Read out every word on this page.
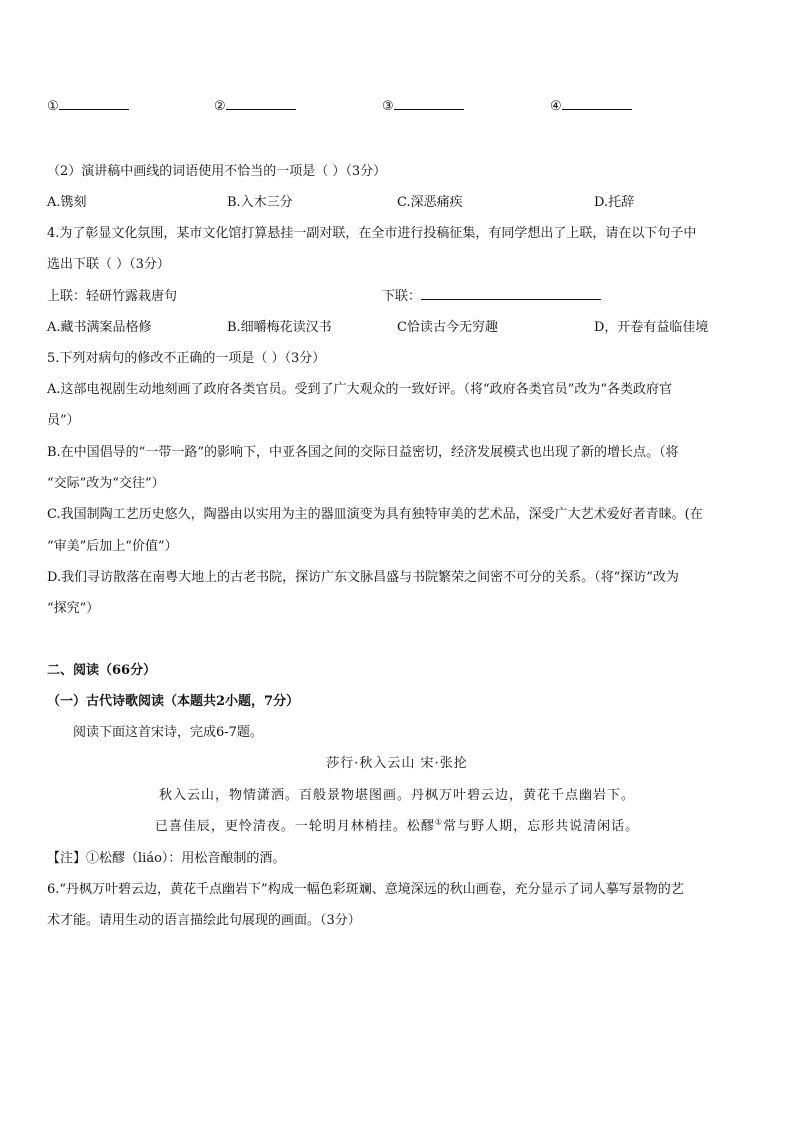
①	②	③	④
（2）演讲稿中画线的词语使用不恰当的一项是（ ）（3分）
A.镌刻	B.入木三分	C.深恶痛疾	D.托辞
4.为了彰显文化氛围，某市文化馆打算悬挂一副对联，在全市进行投稿征集，有同学想出了上联，请在以下句子中
选出下联（ ）（3分）
上联：轻研竹露栽唐句	下联：
A.藏书满案品格修	B.细嚼梅花读汉书	C恰读古今无穷趣	D，开卷有益临佳境
5.下列对病句的修改不正确的一项是（ ）（3分）
A.这部电视剧生动地刻画了政府各类官员。受到了广大观众的一致好评。（将“政府各类官员”改为“各类政府官
员”）
B.在中国倡导的“一带一路”的影响下，中亚各国之间的交际日益密切，经济发展模式也出现了新的增长点。（将
“交际”改为“交往”）
C.我国制陶工艺历史悠久，陶器由以实用为主的器皿演变为具有独特审美的艺术品，深受广大艺术爱好者青睐。(在
“审美”后加上“价值”）
D.我们寻访散落在南粤大地上的古老书院，探访广东文脉昌盛与书院繁荣之间密不可分的关系。（将“探访”改为
“探究”）
二、阅读（66分）
（一）古代诗歌阅读（本题共2小题，7分）
阅读下面这首宋诗，完成6-7题。
莎行·秋入云山 宋·张抡
秋入云山，物情潇洒。百般景物堪图画。丹枫万叶碧云边，黄花千点幽岩下。
已喜佳辰，更怜清夜。一轮明月林梢挂。松醪①常与野人期，忘形共说清闲话。
【注】①松醪（liáo）：用松音酿制的酒。
6.“丹枫万叶碧云边，黄花千点幽岩下”构成一幅色彩斑斓、意境深远的秋山画卷，充分显示了词人摹写景物的艺
术才能。请用生动的语言描绘此句展现的画面。（3分）
